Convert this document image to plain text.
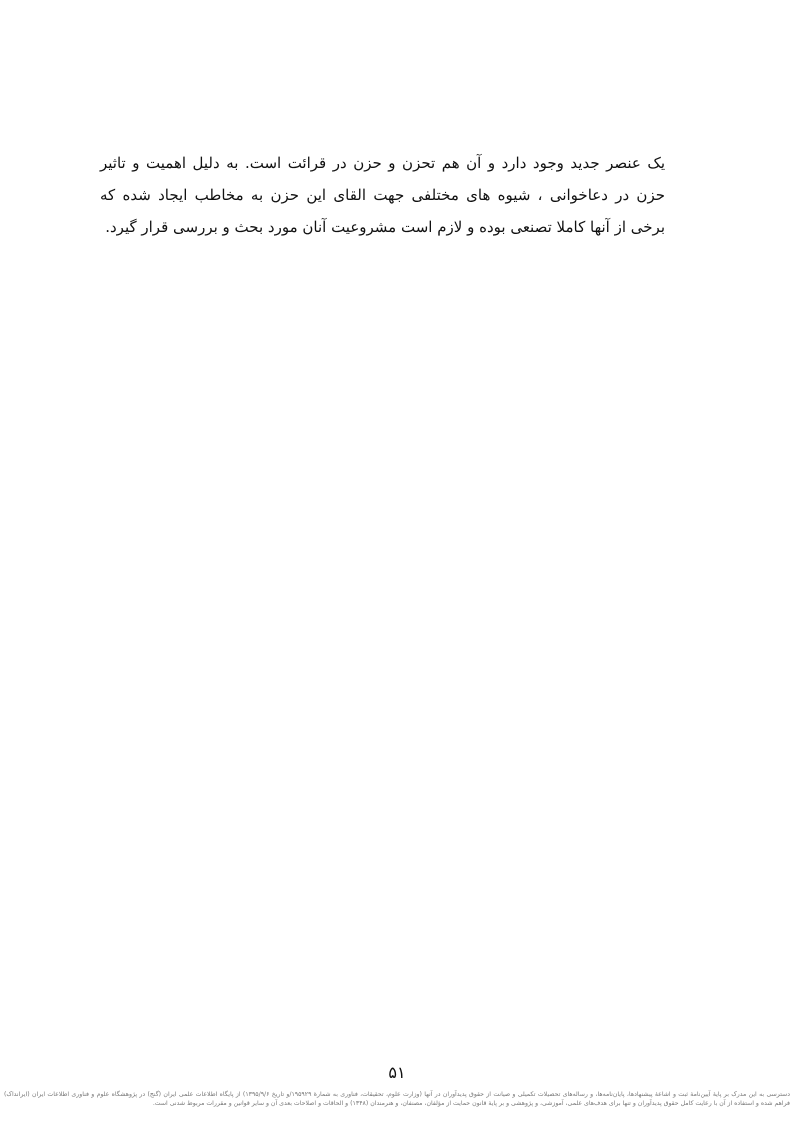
یک عنصر جدید وجود دارد و آن هم تحزن و حزن در قرائت است. به دلیل اهمیت و تاثیر حزن در دعاخوانی ، شیوه های مختلفی جهت القای این حزن به مخاطب ایجاد شده که برخی از آنها کاملا تصنعی بوده و لازم است مشروعیت آنان مورد بحث و بررسی قرار گیرد.

۵۱
دسترسی به این مدرک بر پایهٔ آیین‌نامهٔ ثبت و اشاعهٔ پیشنهادها، پایان‌نامه‌ها، و رساله‌های تحصیلات تکمیلی و صیانت از حقوق پدیدآوران در آنها (وزارت علوم، تحقیقات، فناوری به شمارهٔ ۱۹۵۹۲۹/و تاریخ ۱۳۹۵/۹/۶) از پایگاه اطلاعات علمی ایران (گنج) در پژوهشگاه علوم و فناوری اطلاعات ایران (ایرانداک) فراهم شده و استفاده از آن با رعایت کامل حقوق پدیدآوران و تنها برای هدف‌های علمی، آموزشی، و پژوهشی و بر پایهٔ قانون حمایت از مؤلفان، مصنفان، و هنرمندان (۱۳۴۸) و الحاقات و اصلاحات بعدی آن و سایر قوانین و مقررات مربوط شدنی است.
